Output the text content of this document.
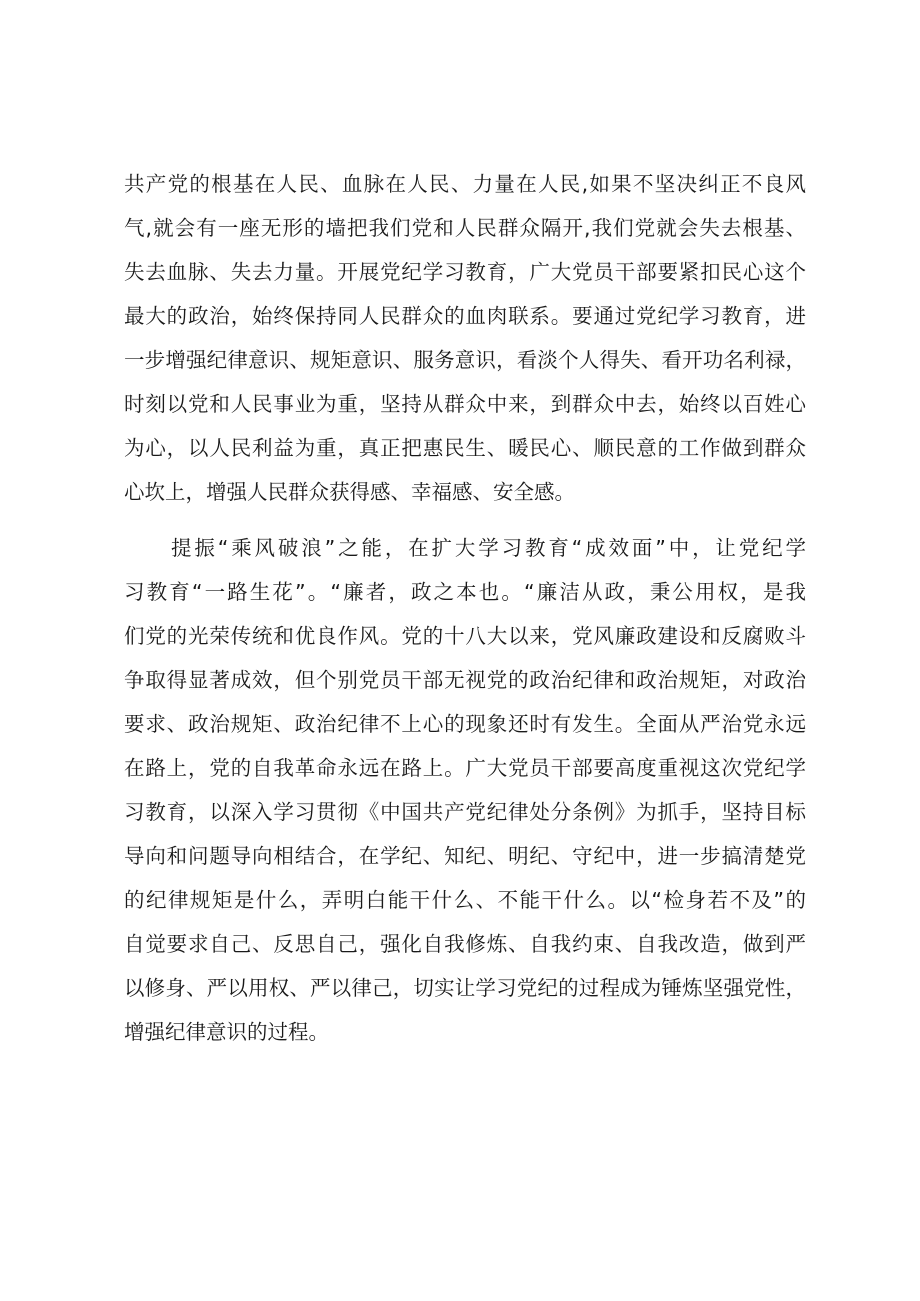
共产党的根基在人民、血脉在人民、力量在人民,如果不坚决纠正不良风
气,就会有一座无形的墙把我们党和人民群众隔开,我们党就会失去根基、
失去血脉、失去力量。开展党纪学习教育，广大党员干部要紧扣民心这个
最大的政治，始终保持同人民群众的血肉联系。要通过党纪学习教育，进
一步增强纪律意识、规矩意识、服务意识，看淡个人得失、看开功名利禄，
时刻以党和人民事业为重，坚持从群众中来，到群众中去，始终以百姓心
为心，以人民利益为重，真正把惠民生、暖民心、顺民意的工作做到群众
心坎上，增强人民群众获得感、幸福感、安全感。
提振“乘风破浪”之能，在扩大学习教育“成效面”中，让党纪学
习教育“一路生花”。“廉者，政之本也。“廉洁从政，秉公用权，是我
们党的光荣传统和优良作风。党的十八大以来，党风廉政建设和反腐败斗
争取得显著成效，但个别党员干部无视党的政治纪律和政治规矩，对政治
要求、政治规矩、政治纪律不上心的现象还时有发生。全面从严治党永远
在路上，党的自我革命永远在路上。广大党员干部要高度重视这次党纪学
习教育，以深入学习贯彻《中国共产党纪律处分条例》为抓手，坚持目标
导向和问题导向相结合，在学纪、知纪、明纪、守纪中，进一步搞清楚党
的纪律规矩是什么，弄明白能干什么、不能干什么。以“检身若不及”的
自觉要求自己、反思自己，强化自我修炼、自我约束、自我改造，做到严
以修身、严以用权、严以律己，切实让学习党纪的过程成为锤炼坚强党性，
增强纪律意识的过程。
